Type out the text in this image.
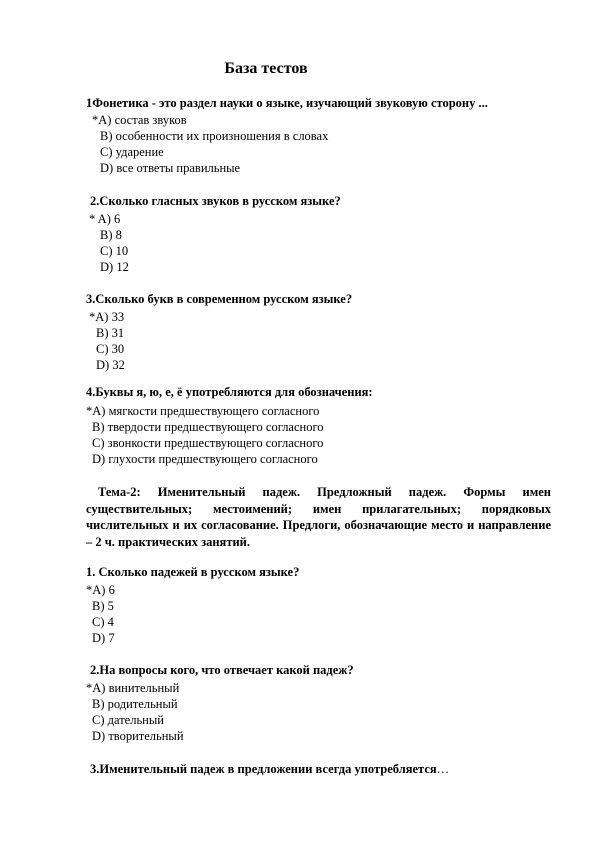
База тестов
1Фонетика - это раздел науки о языке, изучающий звуковую сторону ...
*A) состав звуков
B) особенности их произношения в словах
C) ударение
D) все ответы правильные
2.Сколько гласных звуков в русском языке?
* A) 6
B) 8
C) 10
D) 12
3.Сколько букв в современном русском языке?
*A) 33
B) 31
C) 30
D) 32
4.Буквы я, ю, е, ё употребляются для обозначения:
*A) мягкости предшествующего согласного
B) твердости предшествующего согласного
C) звонкости предшествующего согласного
D) глухости предшествующего согласного
Тема-2: Именительный падеж. Предложный падеж. Формы имен существительных; местоимений; имен прилагательных; порядковых числительных и их согласование. Предлоги, обозначающие место и направление – 2 ч. практических занятий.
1. Сколько падежей в русском языке?
*A) 6
B) 5
C) 4
D) 7
2.На вопросы кого, что отвечает какой падеж?
*A) винительный
B) родительный
C) дательный
D) творительный
3.Именительный падеж в предложении всегда употребляется…
